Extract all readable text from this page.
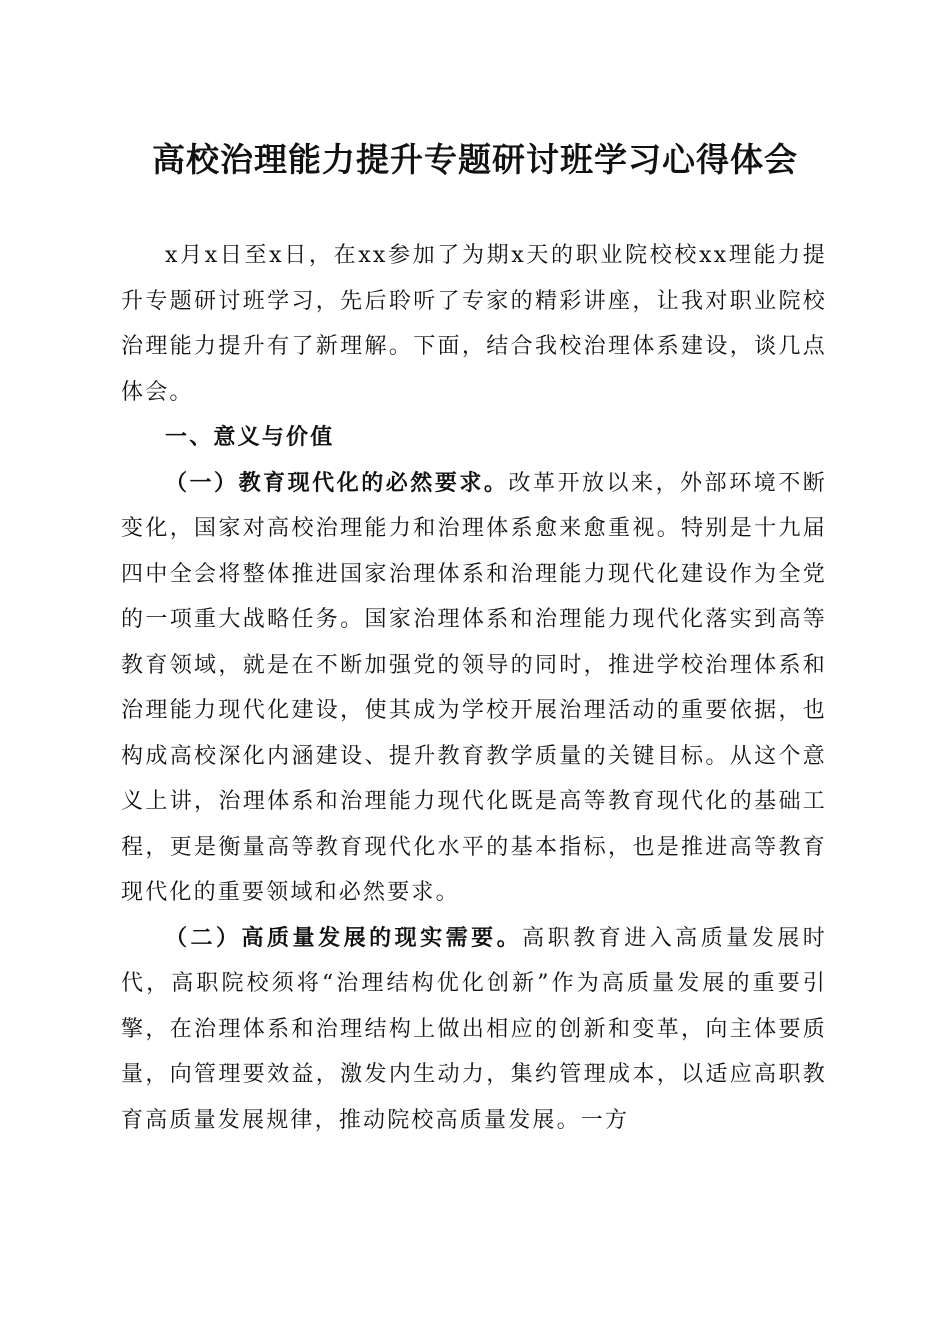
高校治理能力提升专题研讨班学习心得体会

x月x日至x日，在xx参加了为期x天的职业院校校xx理能力提升专题研讨班学习，先后聆听了专家的精彩讲座，让我对职业院校治理能力提升有了新理解。下面，结合我校治理体系建设，谈几点体会。

一、意义与价值

（一）教育现代化的必然要求。改革开放以来，外部环境不断变化，国家对高校治理能力和治理体系愈来愈重视。特别是十九届四中全会将整体推进国家治理体系和治理能力现代化建设作为全党的一项重大战略任务。国家治理体系和治理能力现代化落实到高等教育领域，就是在不断加强党的领导的同时，推进学校治理体系和治理能力现代化建设，使其成为学校开展治理活动的重要依据，也构成高校深化内涵建设、提升教育教学质量的关键目标。从这个意义上讲，治理体系和治理能力现代化既是高等教育现代化的基础工程，更是衡量高等教育现代化水平的基本指标，也是推进高等教育现代化的重要领域和必然要求。

（二）高质量发展的现实需要。高职教育进入高质量发展时代，高职院校须将“治理结构优化创新”作为高质量发展的重要引擎，在治理体系和治理结构上做出相应的创新和变革，向主体要质量，向管理要效益，激发内生动力，集约管理成本，以适应高职教育高质量发展规律，推动院校高质量发展。一方
